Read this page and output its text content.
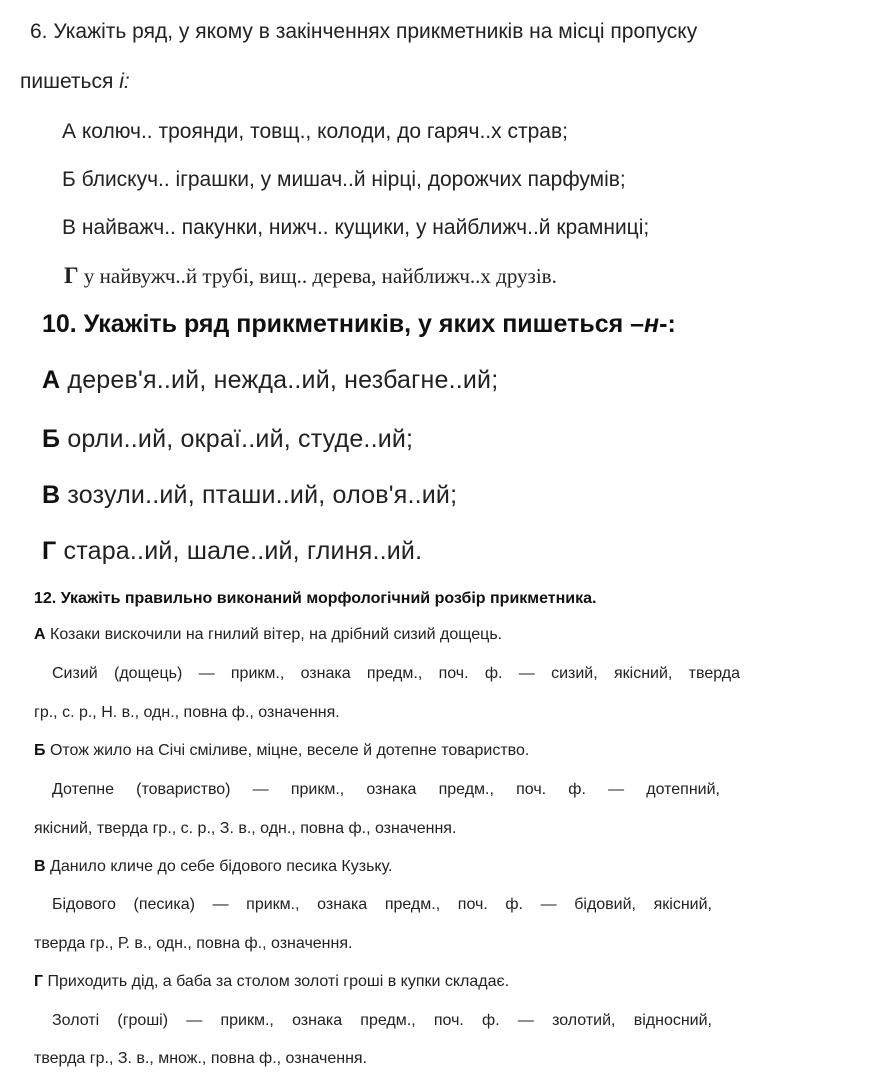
6. Укажіть ряд, у якому в закінченнях прикметників на місці пропуску
пишеться і:
А колюч.. троянди, товщ., колоди, до гаряч..х страв;
Б блискуч.. іграшки, у мишач..й нірці, дорожчих парфумів;
В найважч.. пакунки, нижч.. кущики, у найближч..й крамниці;
Г у найвужч..й трубі, вищ.. дерева, найближч..х друзів.
10. Укажіть ряд прикметників, у яких пишеться –н-:
А дерев'я..ий, нежда..ий, незбагне..ий;
Б орли..ий, окраї..ий, студе..ий;
В зозули..ий, пташи..ий, олов'я..ий;
Г стара..ий, шале..ий, глиня..ий.
12. Укажіть правильно виконаний морфологічний розбір прикметника.
А Козаки вискочили на гнилий вітер, на дрібний сизий дощець.
Сизий (дощець) — прикм., ознака предм., поч. ф. — сизий, якісний, тверда
гр., с. р., Н. в., одн., повна ф., означення.
Б Отож жило на Січі сміливе, міцне, веселе й дотепне товариство.
Дотепне (товариство) — прикм., ознака предм., поч. ф. — дотепний,
якісний, тверда гр., с. р., З. в., одн., повна ф., означення.
В Данило кличе до себе бідового песика Кузьку.
Бідового (песика) — прикм., ознака предм., поч. ф. — бідовий, якісний,
тверда гр., Р. в., одн., повна ф., означення.
Г Приходить дід, а баба за столом золоті гроші в купки складає.
Золоті (гроші) — прикм., ознака предм., поч. ф. — золотий, відносний,
тверда гр., З. в., множ., повна ф., означення.
